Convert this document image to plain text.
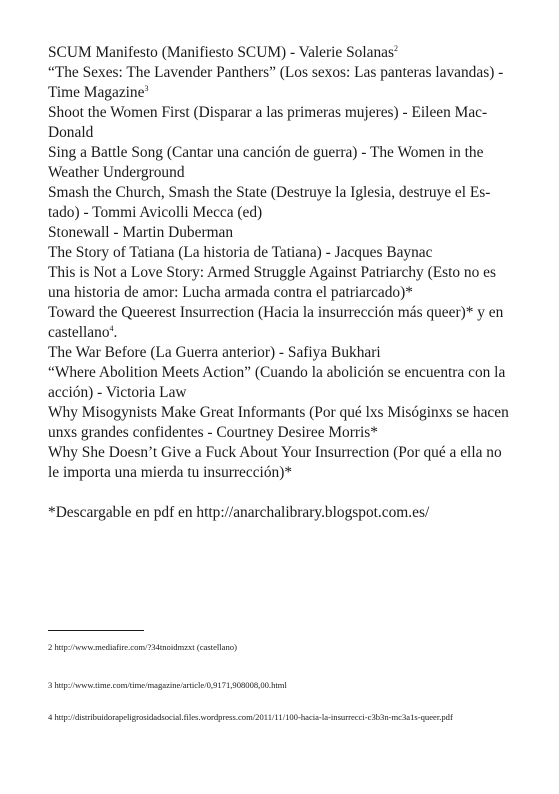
SCUM Manifesto (Manifiesto SCUM) - Valerie Solanas$^2$

“The Sexes: The Lavender Panthers” (Los sexos: Las panteras lavandas) - Time Magazine$^3$

Shoot the Women First (Disparar a las primeras mujeres) - Eileen Mac-Donald

Sing a Battle Song (Cantar una canción de guerra) - The Women in the Weather Underground

Smash the Church, Smash the State (Destruye la Iglesia, destruye el Es-tado) - Tommi Avicolli Mecca (ed)

Stonewall - Martin Duberman

The Story of Tatiana (La historia de Tatiana) - Jacques Baynac

This is Not a Love Story: Armed Struggle Against Patriarchy (Esto no es una historia de amor: Lucha armada contra el patriarcado)*

Toward the Queerest Insurrection (Hacia la insurrección más queer)* y en castellano$^4$.

The War Before (La Guerra anterior) - Safiya Bukhari

“Where Abolition Meets Action” (Cuando la abolición se encuentra con la acción) - Victoria Law

Why Misogynists Make Great Informants (Por qué lxs Misóginxs se hacen unxs grandes confidentes - Courtney Desiree Morris*

Why She Doesn’t Give a Fuck About Your Insurrection (Por qué a ella no le importa una mierda tu insurrección)*

*Descargable en pdf en http://anarchalibrary.blogspot.com.es/

2 http://www.mediafire.com/?34tnoidmzxt (castellano)
3 http://www.time.com/time/magazine/article/0,9171,908008,00.html
4 http://distribuidorapeligrosidadsocial.files.wordpress.com/2011/11/100-hacia-la-insurrecci-c3b3n-mc3a1s-queer.pdf
